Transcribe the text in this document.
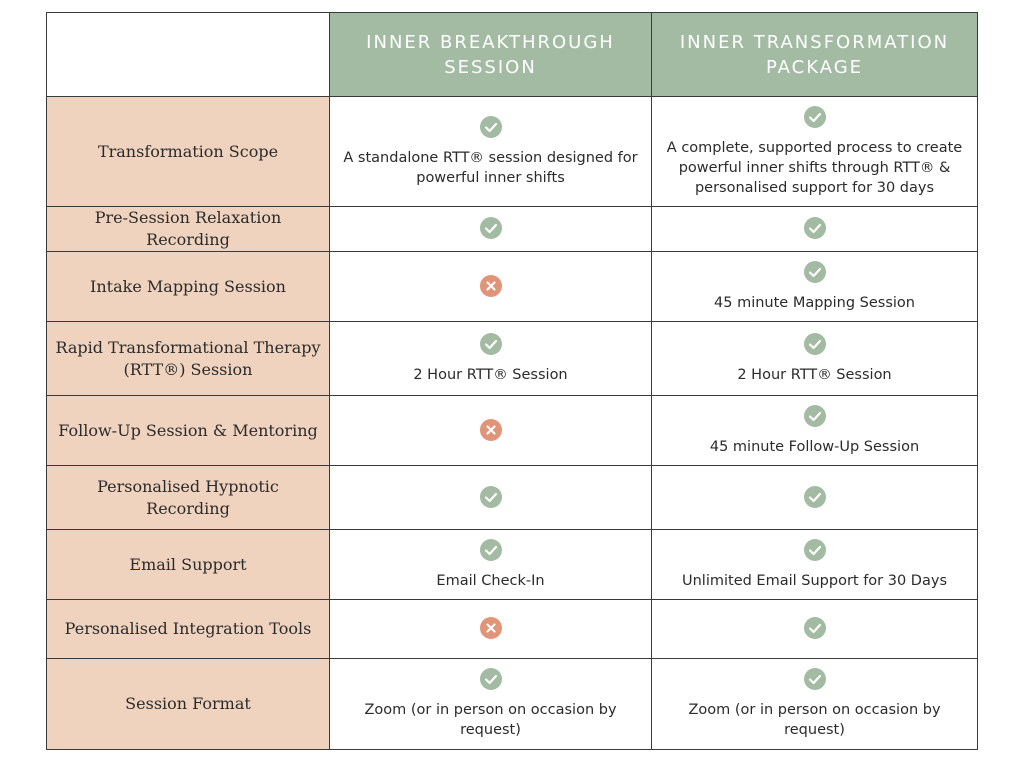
	INNER BREAKTHROUGH SESSION	INNER TRANSFORMATION PACKAGE
Transformation Scope	A standalone RTT® session designed for powerful inner shifts	A complete, supported process to create powerful inner shifts through RTT® & personalised support for 30 days

Pre-Session Relaxation Recording	

Intake Mapping Session		45 minute Mapping Session

Rapid Transformational Therapy (RTT®) Session	2 Hour RTT® Session	2 Hour RTT® Session

Follow-Up Session & Mentoring		45 minute Follow-Up Session

Personalised Hypnotic Recording	

Email Support	Email Check-In	Unlimited Email Support for 30 Days

Personalised Integration Tools	

Session Format	Zoom (or in person on occasion by request)	Zoom (or in person on occasion by request)
